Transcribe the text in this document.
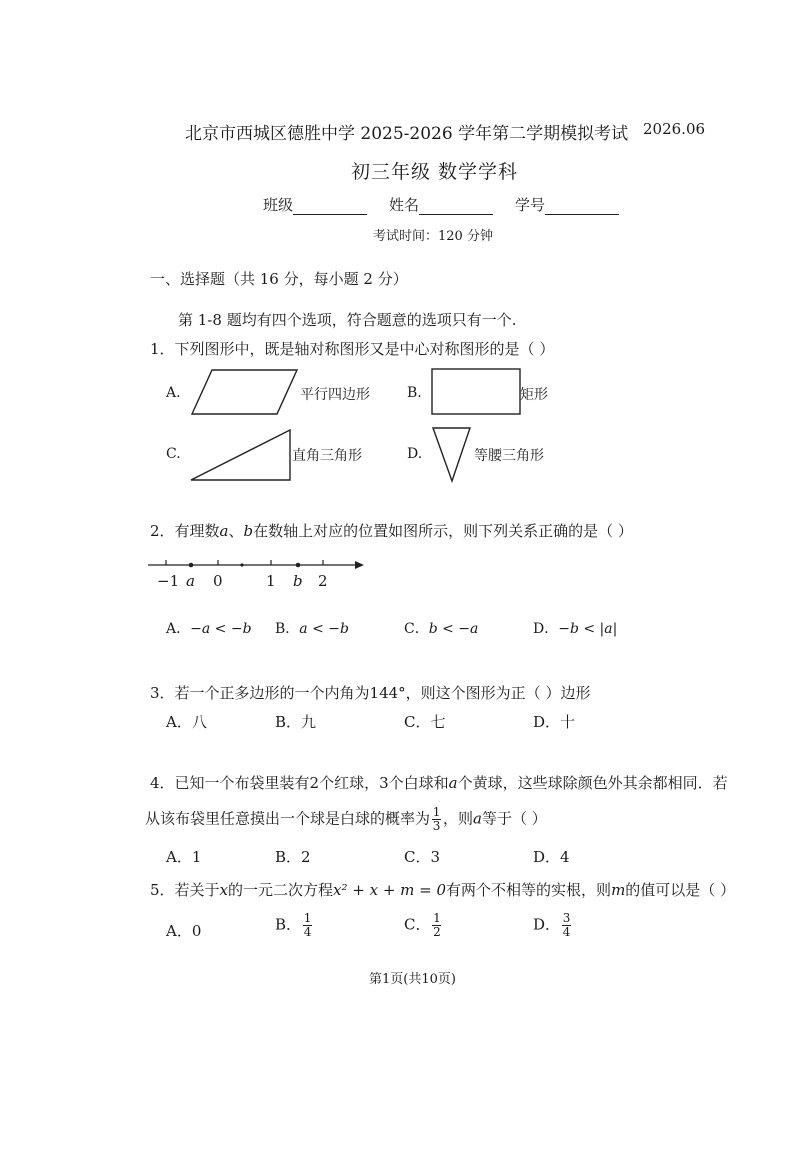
北京市西城区德胜中学 2025-2026 学年第二学期模拟考试 2026.06
初三年级 数学学科
班级	姓名	学号
考试时间：120 分钟
一、选择题（共 16 分，每小题 2 分）
第 1-8 题均有四个选项，符合题意的选项只有一个.
1．下列图形中，既是轴对称图形又是中心对称图形的是（ ）
A.	平行四边形	B.	矩形
C.	直角三角形	D.	等腰三角形
2．有理数a、b在数轴上对应的位置如图所示，则下列关系正确的是（ ）
−1 a 0	1 b 2
A．−a < −b B．a < −b	C．b < −a	D．−b < |a|
3．若一个正多边形的一个内角为144°，则这个图形为正（ ）边形
A．八	B．九	C．七	D．十
4．已知一个布袋里装有2个红球，3个白球和a个黄球，这些球除颜色外其余都相同．若
从该布袋里任意摸出一个球是白球的概率为 $\frac{1}{3}$ ，则a等于（ ）
A．1	B．2	C．3	D．4
5．若关于x的一元二次方程x² + x + m = 0有两个不相等的实根，则m的值可以是（ ）
A．0	B． $\frac{1}{4}$	C． $\frac{1}{2}$	D． $\frac{3}{4}$
第1页(共10页)
